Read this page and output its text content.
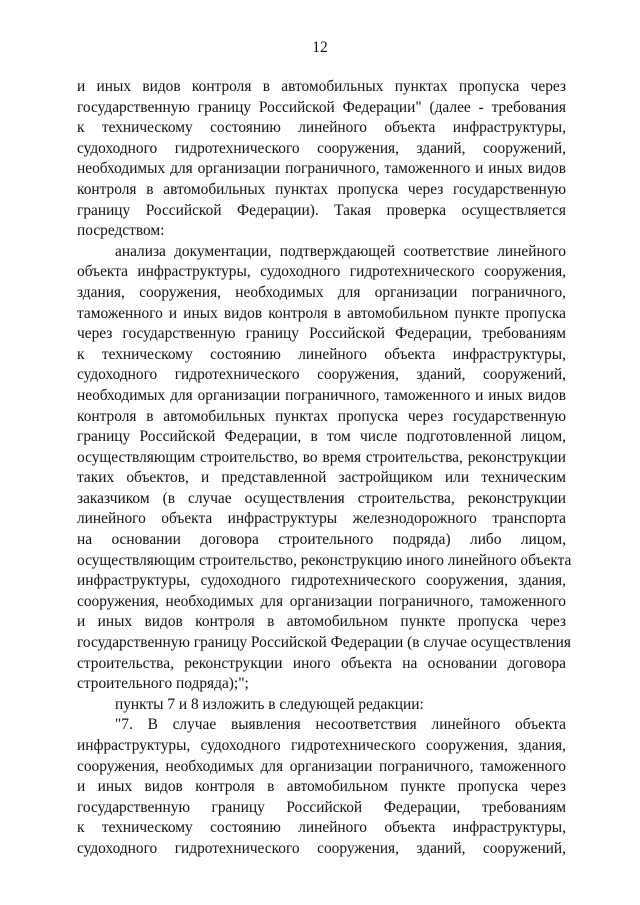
12
и иных видов контроля в автомобильных пунктах пропуска через
государственную границу Российской Федерации" (далее - требования
к техническому состоянию линейного объекта инфраструктуры,
судоходного гидротехнического сооружения, зданий, сооружений,
необходимых для организации пограничного, таможенного и иных видов
контроля в автомобильных пунктах пропуска через государственную
границу Российской Федерации). Такая проверка осуществляется
посредством:
анализа документации, подтверждающей соответствие линейного
объекта инфраструктуры, судоходного гидротехнического сооружения,
здания, сооружения, необходимых для организации пограничного,
таможенного и иных видов контроля в автомобильном пункте пропуска
через государственную границу Российской Федерации, требованиям
к техническому состоянию линейного объекта инфраструктуры,
судоходного гидротехнического сооружения, зданий, сооружений,
необходимых для организации пограничного, таможенного и иных видов
контроля в автомобильных пунктах пропуска через государственную
границу Российской Федерации, в том числе подготовленной лицом,
осуществляющим строительство, во время строительства, реконструкции
таких объектов, и представленной застройщиком или техническим
заказчиком (в случае осуществления строительства, реконструкции
линейного объекта инфраструктуры железнодорожного транспорта
на основании договора строительного подряда) либо лицом,
осуществляющим строительство, реконструкцию иного линейного объекта
инфраструктуры, судоходного гидротехнического сооружения, здания,
сооружения, необходимых для организации пограничного, таможенного
и иных видов контроля в автомобильном пункте пропуска через
государственную границу Российской Федерации (в случае осуществления
строительства, реконструкции иного объекта на основании договора
строительного подряда);";
пункты 7 и 8 изложить в следующей редакции:
"7. В случае выявления несоответствия линейного объекта
инфраструктуры, судоходного гидротехнического сооружения, здания,
сооружения, необходимых для организации пограничного, таможенного
и иных видов контроля в автомобильном пункте пропуска через
государственную границу Российской Федерации, требованиям
к техническому состоянию линейного объекта инфраструктуры,
судоходного гидротехнического сооружения, зданий, сооружений,
